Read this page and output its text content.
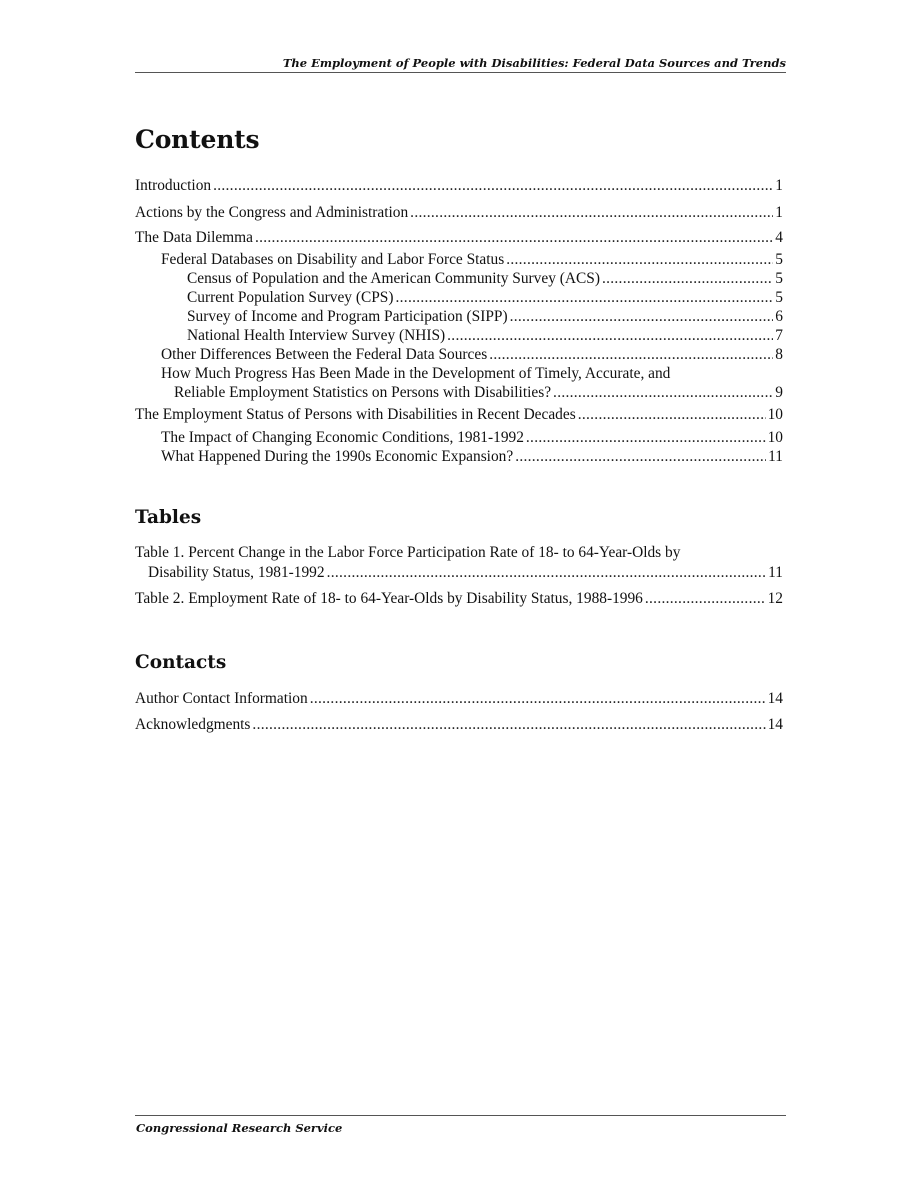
The Employment of People with Disabilities: Federal Data Sources and Trends
Contents
Introduction .....	1
Actions by the Congress and Administration .....	1
The Data Dilemma .....	4
Federal Databases on Disability and Labor Force Status .....	5
Census of Population and the American Community Survey (ACS) .....	5
Current Population Survey (CPS) .....	5
Survey of Income and Program Participation (SIPP) .....	6
National Health Interview Survey (NHIS) .....	7
Other Differences Between the Federal Data Sources .....	8
How Much Progress Has Been Made in the Development of Timely, Accurate, and
Reliable Employment Statistics on Persons with Disabilities? .....	9
The Employment Status of Persons with Disabilities in Recent Decades .....	10
The Impact of Changing Economic Conditions, 1981-1992 .....	10
What Happened During the 1990s Economic Expansion? .....	11
Tables
Table 1. Percent Change in the Labor Force Participation Rate of 18- to 64-Year-Olds by
Disability Status, 1981-1992 .....	11
Table 2. Employment Rate of 18- to 64-Year-Olds by Disability Status, 1988-1996 .....	12
Contacts
Author Contact Information .....	14
Acknowledgments .....	14
Congressional Research Service
